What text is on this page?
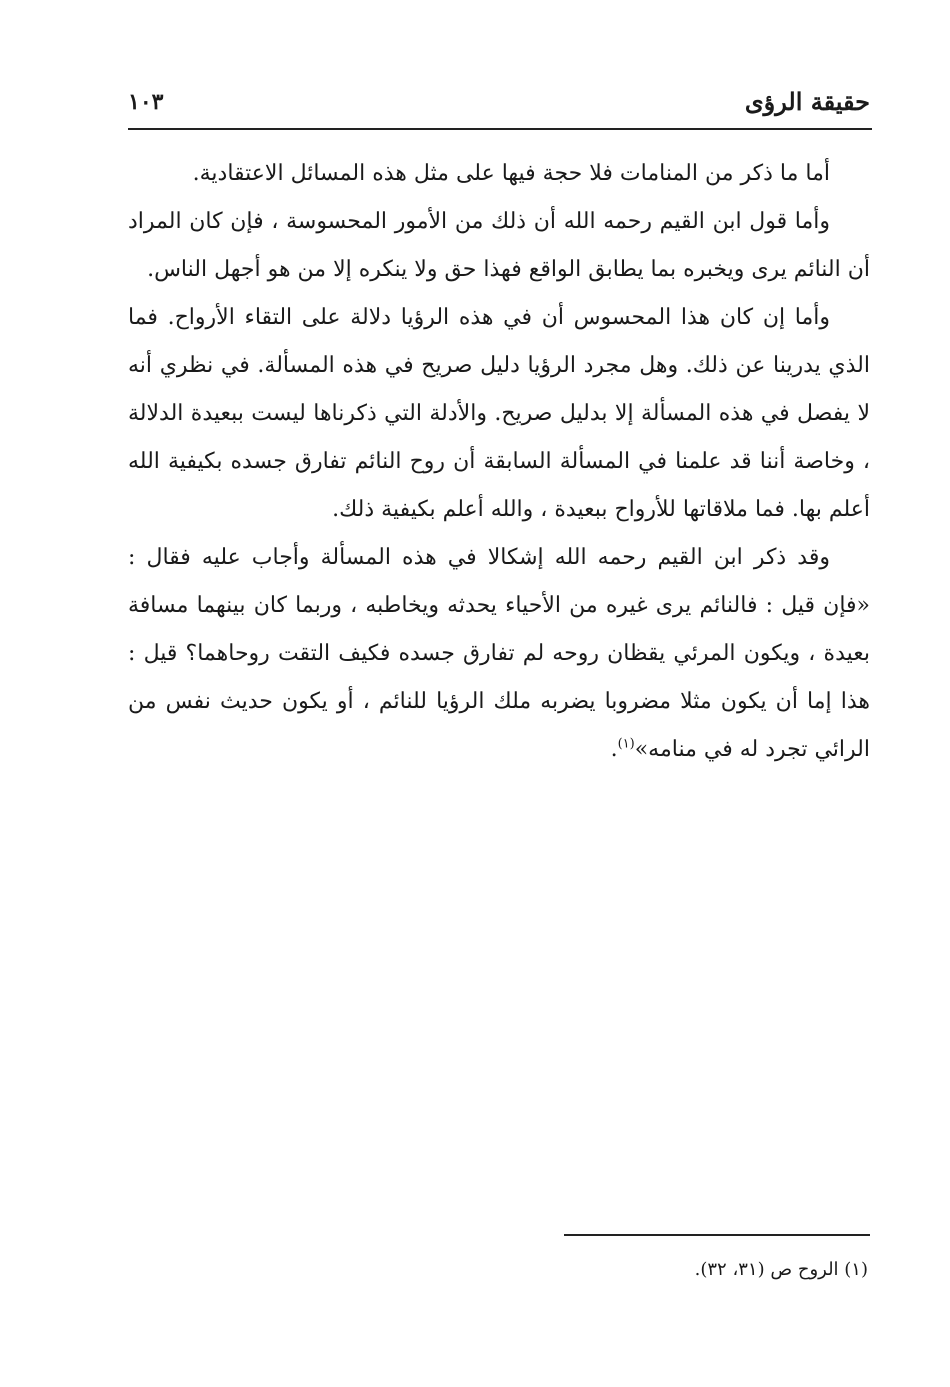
حقيقة الرؤى
١٠٣

أما ما ذكر من المنامات فلا حجة فيها على مثل هذه المسائل الاعتقادية.

وأما قول ابن القيم رحمه الله أن ذلك من الأمور المحسوسة ، فإن كان المراد أن النائم يرى ويخبره بما يطابق الواقع فهذا حق ولا ينكره إلا من هو أجهل الناس.

وأما إن كان هذا المحسوس أن في هذه الرؤيا دلالة على التقاء الأرواح. فما الذي يدرينا عن ذلك. وهل مجرد الرؤيا دليل صريح في هذه المسألة. في نظري أنه لا يفصل في هذه المسألة إلا بدليل صريح. والأدلة التي ذكرناها ليست ببعيدة الدلالة ، وخاصة أننا قد علمنا في المسألة السابقة أن روح النائم تفارق جسده بكيفية الله أعلم بها. فما ملاقاتها للأرواح ببعيدة ، والله أعلم بكيفية ذلك.

وقد ذكر ابن القيم رحمه الله إشكالا في هذه المسألة وأجاب عليه فقال : «فإن قيل : فالنائم يرى غيره من الأحياء يحدثه ويخاطبه ، وربما كان بينهما مسافة بعيدة ، ويكون المرئي يقظان روحه لم تفارق جسده فكيف التقت روحاهما؟ قيل : هذا إما أن يكون مثلا مضروبا يضربه ملك الرؤيا للنائم ، أو يكون حديث نفس من الرائي تجرد له في منامه»$^{(١)}$.

(١) الروح ص (٣١، ٣٢).
